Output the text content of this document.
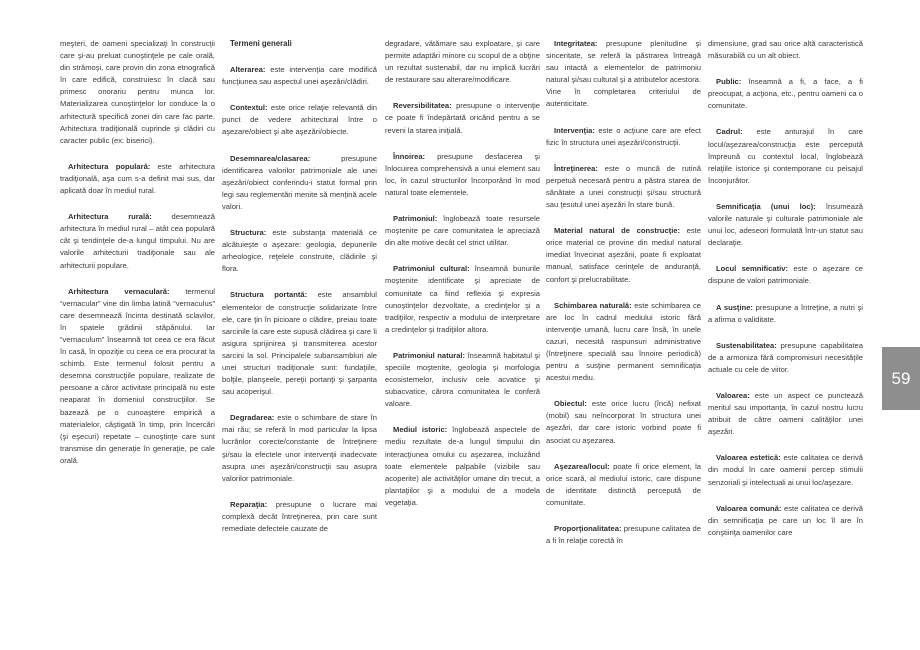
meşteri, de oameni specializaţi în construcţii care şi-au preluat cunoştinţele pe cale orală, din strămoşi, care provin din zona etnografică în care edifică, construiesc în clacă sau primesc onorariu pentru munca lor. Materializarea cunoştinţelor lor conduce la o arhitectură specifică zonei din care fac parte. Arhitectura tradiţională cuprinde şi clădiri cu caracter public (ex: biserici).

Arhitectura populară: este arhitectura tradiţională, aşa cum s-a definit mai sus, dar aplicată doar în mediul rural.

Arhitectura rurală: desemnează arhitectura în mediul rural – atât cea populară cât şi tendinţele de-a lungul timpului. Nu are valorile arhitecturii tradiţionale sau ale arhitecturii populare.

Arhitectura vernaculară: termenul “vernacular” vine din limba latină “vernaculus” care desemnează încinta destinată sclavilor, în spatele grădinii stăpânului. Iar “vernaculum” înseamnă tot ceea ce era făcut în casă, în opoziţie cu ceea ce era procurat la schimb. Este termenul folosit pentru a desemna construcţiile populare, realizate de persoane a căror activitate principală nu este neaparat în domeniul construcţiilor. Se bazează pe o cunoaştere empirică a materialelor, câştigată în timp, prin încercări (şi eşecuri) repetate – cunoştinţe care sunt transmise din generaţie în generaţie, pe cale orală.

Termeni generali

Alterarea: este intervenţia care modifică funcţiunea sau aspectul unei aşezări/clădiri.

Contextul: este orice relaţie relevantă din punct de vedere arhitectural între o aşezare/obiect şi alte aşezări/obiecte.

Desemnarea/clasarea: presupune identificarea valorilor patrimoniale ale unei aşezări/obiect conferindu-i statut formal prin legi sau reglementări menite să menţină acele valori.

Structura: este substanţa materială ce alcătuieşte o aşezare: geologia, depunerile arheologice, reţelele construite, clădirile şi flora.

Structura portantă: este ansamblul elementelor de construcţie solidarizate între ele, care ţin în picioare o clădire, preiau toate sarcinile la care este supusă clădirea şi care îi asigura sprijinirea şi transmiterea acestor sarcini la sol. Principalele subansambluri ale unei structuri tradiţionale sunt: fundaţiile, bolţile, planşeele, pereţii portanţi şi şarpanta sau acoperişul.

Degradarea: este o schimbare de stare în mai rău; se referă în mod particular la lipsa lucrărilor corecte/constante de întreţinere şi/sau la efectele unor intervenţii inadecvate asupra unei aşezări/construcţii sau asupra valorilor patrimoniale.

Reparaţia: presupune o lucrare mai complexă decât întreţinerea, prin care sunt remediate defectele cauzate de

degradare, vătămare sau exploatare, şi care permite adaptări minore cu scopul de a obţine un rezultat sustenabil, dar nu implică lucrări de restaurare sau alterare/modificare.

Reversibilitatea: presupune o intervenţie ce poate fi îndepărtată oricând pentru a se reveni la starea iniţială.

Înnoirea: presupune desfacerea şi înlocuirea comprehensivă a unui element sau loc, în cazul structurilor încorporând în mod natural toate elementele.

Patrimoniul: înglobează toate resursele moştenite pe care comunitatea le apreciază din alte motive decât cel strict utilitar.

Patrimoniul cultural: înseamnă bunurile moştenite identificate şi apreciate de comunitate ca fiind reflexia şi expresia cunoştinţelor dezvoltate, a credinţelor şi a tradiţiilor, respectiv a modului de interpretare a credinţelor şi tradiţiilor altora.

Patrimoniul natural: înseamnă habitatul şi speciile moştenite, geologia şi morfologia ecosistemelor, inclusiv cele acvatice şi subacvatice, cărora comunitatea le conferă valoare.

Mediul istoric: înglobează aspectele de mediu rezultate de-a lungul timpului din interacţiunea omului cu aşezarea, incluzând toate elementele palpabile (vizibile sau acoperite) ale activităţilor umane din trecut, a plantaţiilor şi a modului de a modela vegetaţia.

Integritatea: presupune plenitudine şi sinceritate, se referă la păstrarea întreagă sau intactă a elementelor de patrimoniu natural şi/sau cultural şi a atributelor acestora. Vine în completarea criteriului de autenticitate.

Intervenţia: este o acţiune care are efect fizic în structura unei aşezări/construcţii.

Întreţinerea: este o muncă de rutină perpetuă necesară pentru a păstra starea de sănătate a unei construcţii şi/sau structură sau ţesutul unei aşezări în stare bună.

Material natural de construcţie: este orice material ce provine din mediul natural imediat învecinat aşezării, poate fi exploatat manual, satisface cerinţele de anduranţă, confort şi prelucrabilitate.

Schimbarea naturală: este schimbarea ce are loc în cadrul mediului istoric fără intervenţie umană, lucru care însă, în unele cazuri, necesită raspunsuri administrative (întreţinere specială sau înnoire periodică) pentru a susţine permanent semnificaţia acestui mediu.

Obiectul: este orice lucru (încă) nefixat (mobil) sau neîncorporat în structura unei aşezări, dar care istoric vorbind poate fi asociat cu aşezarea.

Aşezarea/locul: poate fi orice element, la orice scară, al mediului istoric, care dispune de identitate distinctă percepută de comunitate.

Proporţionalitatea: presupune calitatea de a fi în relaţie corectă în

dimensiune, grad sau orice altă caracteristică măsurabilă cu un alt obiect.

Public: înseamnă a fi, a face, a fi preocupat, a acţiona, etc., pentru oameni ca o comunitate.

Cadrul: este anturajul în care locul/aşezarea/construcţia este percepută împreună cu contextul local, înglobează relaţiile istorice şi contemporane cu peisajul înconjurător.

Semnificaţia (unui loc): însumează valorile naturale şi culturale patrimoniale ale unui loc, adeseori formulată într-un statut sau declaraţie.

Locul semnificativ: este o aşezare ce dispune de valori patrimoniale.

A susţine: presupune a întreţine, a nutri şi a afirma o validitate.

Sustenabilitatea: presupune capabilitatea de a armoniza fără compromisuri necesităţile actuale cu cele de viitor.

Valoarea: este un aspect ce punctează meritul sau importanţa, în cazul nostru lucru atribuit de către oameni calităţilor unei aşezări.

Valoarea estetică: este calitatea ce derivă din modul în care oamenii percep stimulii senzoriali şi intelectuali ai unui loc/aşezare.

Valoarea comună: este calitatea ce derivă din semnificaţia pe care un loc îl are în conştiinţa oamenilor care

59
